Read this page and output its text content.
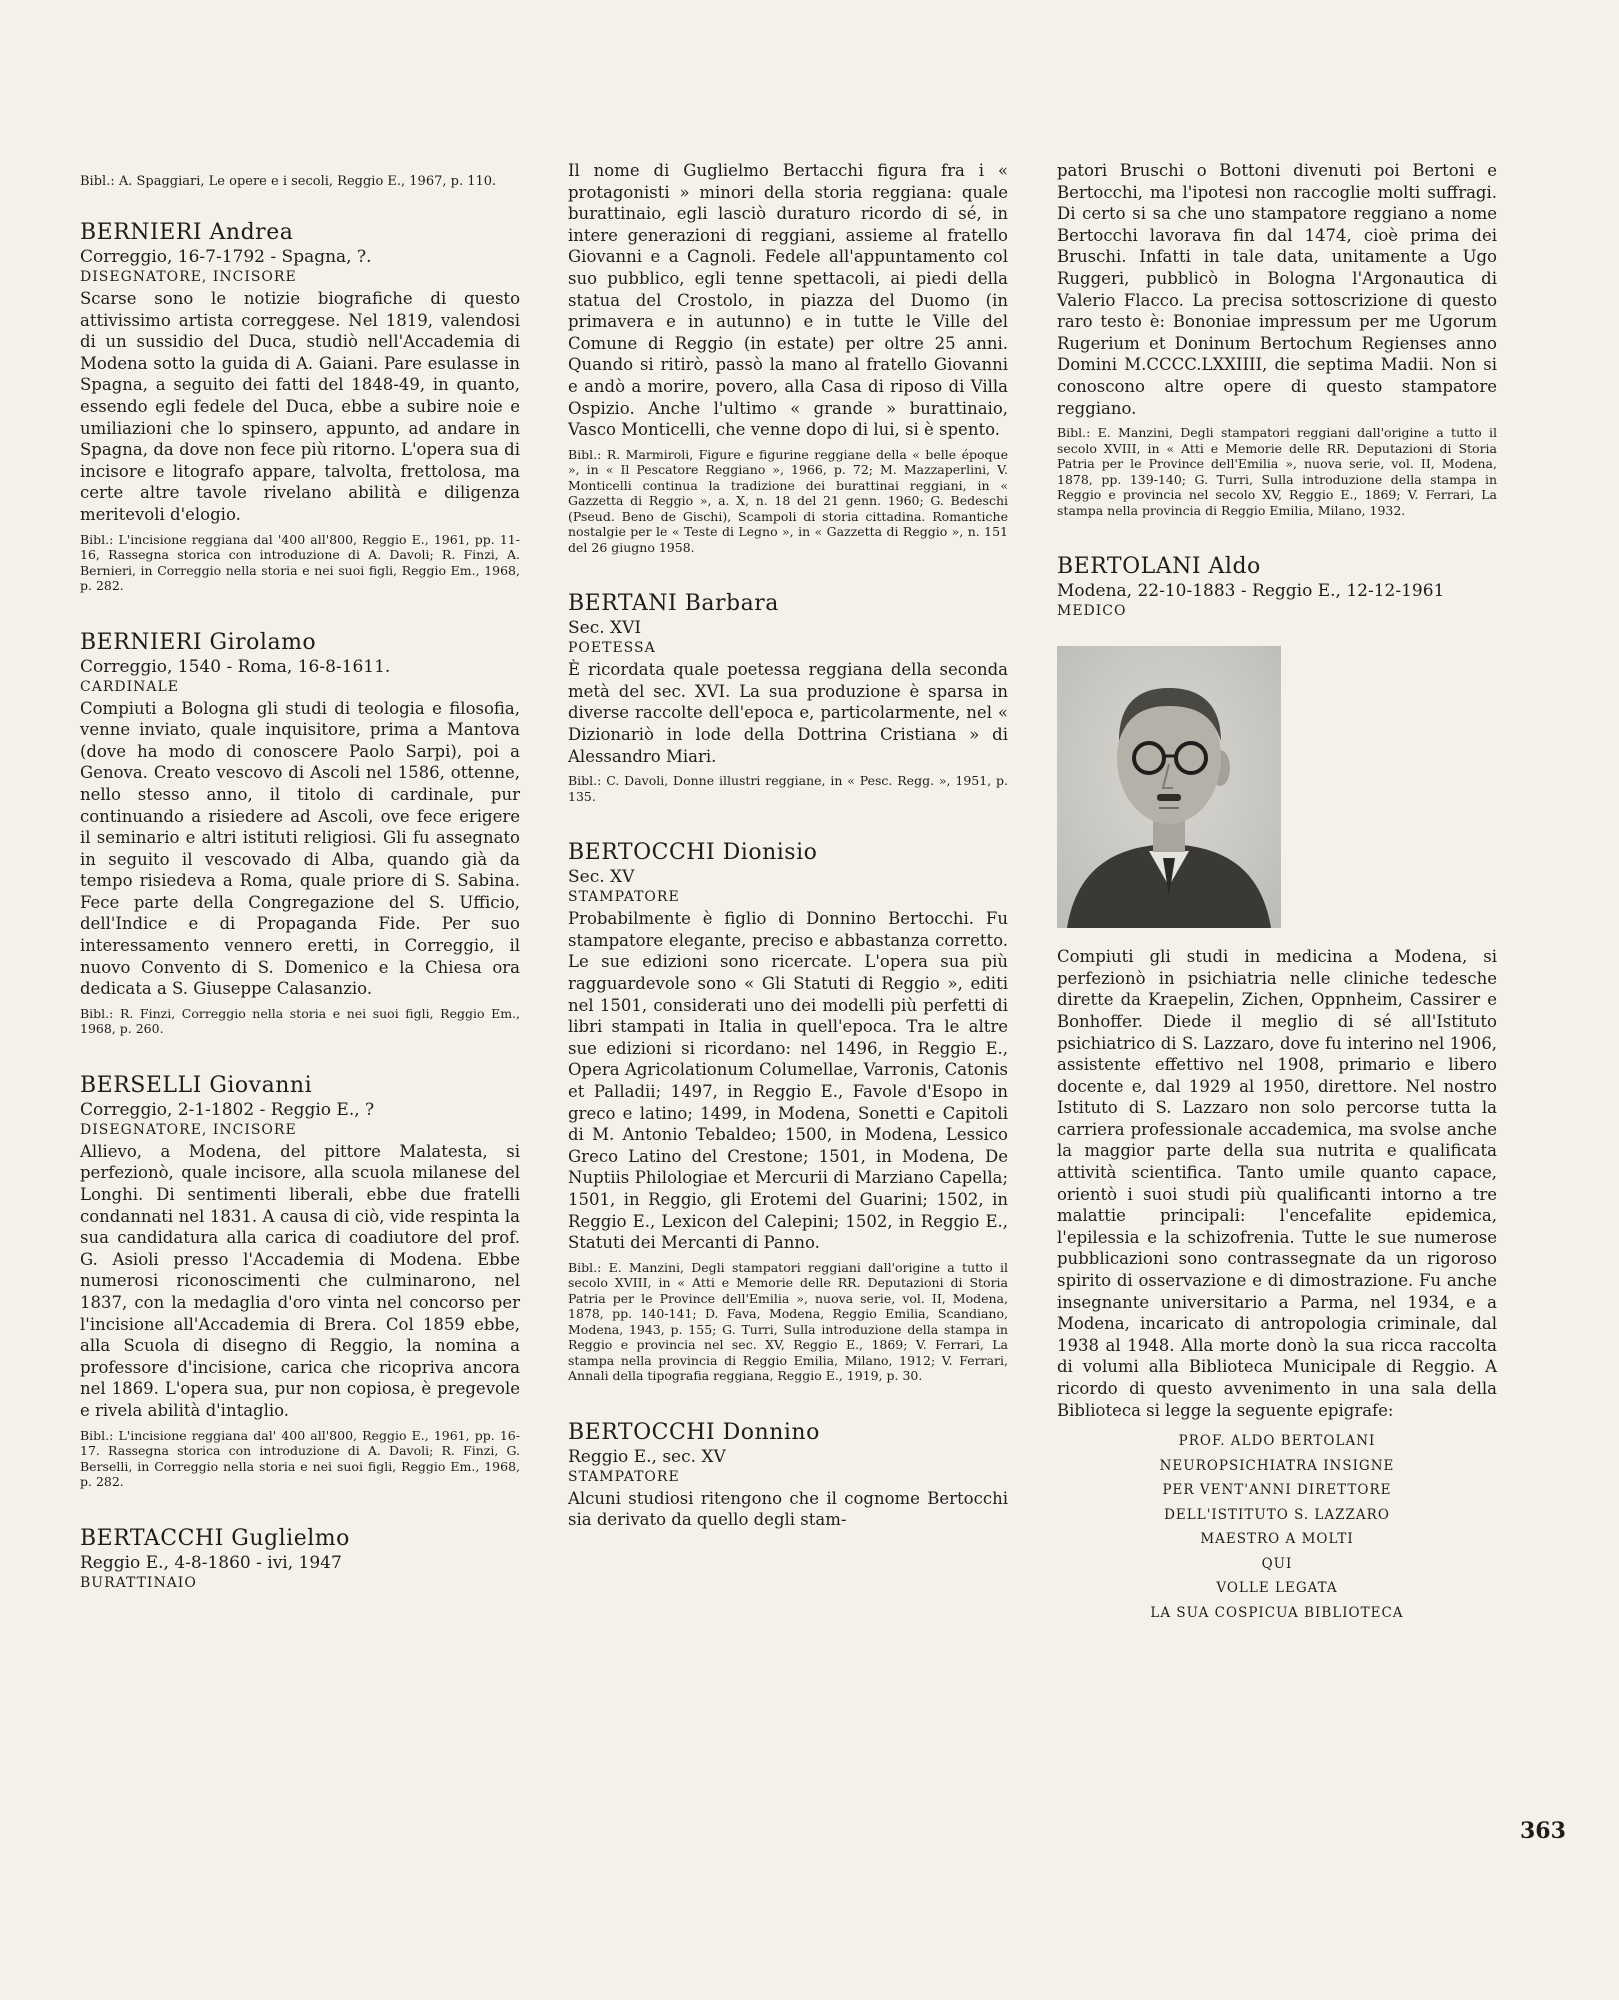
Bibl.: A. Spaggiari, Le opere e i secoli, Reggio E., 1967, p. 110.

BERNIERI Andrea
Correggio, 16-7-1792 - Spagna, ?.
DISEGNATORE, INCISORE

Scarse sono le notizie biografiche di questo attivissimo artista correggese. Nel 1819, valendosi di un sussidio del Duca, studiò nell'Accademia di Modena sotto la guida di A. Gaiani. Pare esulasse in Spagna, a seguito dei fatti del 1848-49, in quanto, essendo egli fedele del Duca, ebbe a subire noie e umiliazioni che lo spinsero, appunto, ad andare in Spagna, da dove non fece più ritorno. L'opera sua di incisore e litografo appare, talvolta, frettolosa, ma certe altre tavole rivelano abilità e diligenza meritevoli d'elogio.

Bibl.: L'incisione reggiana dal '400 all'800, Reggio E., 1961, pp. 11-16, Rassegna storica con introduzione di A. Davoli; R. Finzi, A. Bernieri, in Correggio nella storia e nei suoi figli, Reggio Em., 1968, p. 282.

BERNIERI Girolamo
Correggio, 1540 - Roma, 16-8-1611.
CARDINALE

Compiuti a Bologna gli studi di teologia e filosofia, venne inviato, quale inquisitore, prima a Mantova (dove ha modo di conoscere Paolo Sarpi), poi a Genova. Creato vescovo di Ascoli nel 1586, ottenne, nello stesso anno, il titolo di cardinale, pur continuando a risiedere ad Ascoli, ove fece erigere il seminario e altri istituti religiosi. Gli fu assegnato in seguito il vescovado di Alba, quando già da tempo risiedeva a Roma, quale priore di S. Sabina. Fece parte della Congregazione del S. Ufficio, dell'Indice e di Propaganda Fide. Per suo interessamento vennero eretti, in Correggio, il nuovo Convento di S. Domenico e la Chiesa ora dedicata a S. Giuseppe Calasanzio.

Bibl.: R. Finzi, Correggio nella storia e nei suoi figli, Reggio Em., 1968, p. 260.

BERSELLI Giovanni
Correggio, 2-1-1802 - Reggio E., ?
DISEGNATORE, INCISORE

Allievo, a Modena, del pittore Malatesta, si perfezionò, quale incisore, alla scuola milanese del Longhi. Di sentimenti liberali, ebbe due fratelli condannati nel 1831. A causa di ciò, vide respinta la sua candidatura alla carica di coadiutore del prof. G. Asioli presso l'Accademia di Modena. Ebbe numerosi riconoscimenti che culminarono, nel 1837, con la medaglia d'oro vinta nel concorso per l'incisione all'Accademia di Brera. Col 1859 ebbe, alla Scuola di disegno di Reggio, la nomina a professore d'incisione, carica che ricopriva ancora nel 1869. L'opera sua, pur non copiosa, è pregevole e rivela abilità d'intaglio.

Bibl.: L'incisione reggiana dal' 400 all'800, Reggio E., 1961, pp. 16-17. Rassegna storica con introduzione di A. Davoli; R. Finzi, G. Berselli, in Correggio nella storia e nei suoi figli, Reggio Em., 1968, p. 282.

BERTACCHI Guglielmo
Reggio E., 4-8-1860 - ivi, 1947
BURATTINAIO

Il nome di Guglielmo Bertacchi figura fra i « protagonisti » minori della storia reggiana: quale burattinaio, egli lasciò duraturo ricordo di sé, in intere generazioni di reggiani, assieme al fratello Giovanni e a Cagnoli. Fedele all'appuntamento col suo pubblico, egli tenne spettacoli, ai piedi della statua del Crostolo, in piazza del Duomo (in primavera e in autunno) e in tutte le Ville del Comune di Reggio (in estate) per oltre 25 anni. Quando si ritirò, passò la mano al fratello Giovanni e andò a morire, povero, alla Casa di riposo di Villa Ospizio. Anche l'ultimo « grande » burattinaio, Vasco Monticelli, che venne dopo di lui, si è spento.

Bibl.: R. Marmiroli, Figure e figurine reggiane della « belle époque », in « Il Pescatore Reggiano », 1966, p. 72; M. Mazzaperlini, V. Monticelli continua la tradizione dei burattinai reggiani, in « Gazzetta di Reggio », a. X, n. 18 del 21 genn. 1960; G. Bedeschi (Pseud. Beno de Gischi), Scampoli di storia cittadina. Romantiche nostalgie per le « Teste di Legno », in « Gazzetta di Reggio », n. 151 del 26 giugno 1958.

BERTANI Barbara
Sec. XVI
POETESSA

È ricordata quale poetessa reggiana della seconda metà del sec. XVI. La sua produzione è sparsa in diverse raccolte dell'epoca e, particolarmente, nel « Dizionariò in lode della Dottrina Cristiana » di Alessandro Miari.

Bibl.: C. Davoli, Donne illustri reggiane, in « Pesc. Regg. », 1951, p. 135.

BERTOCCHI Dionisio
Sec. XV
STAMPATORE

Probabilmente è figlio di Donnino Bertocchi. Fu stampatore elegante, preciso e abbastanza corretto. Le sue edizioni sono ricercate. L'opera sua più ragguardevole sono « Gli Statuti di Reggio », editi nel 1501, considerati uno dei modelli più perfetti di libri stampati in Italia in quell'epoca. Tra le altre sue edizioni si ricordano: nel 1496, in Reggio E., Opera Agricolationum Columellae, Varronis, Catonis et Palladii; 1497, in Reggio E., Favole d'Esopo in greco e latino; 1499, in Modena, Sonetti e Capitoli di M. Antonio Tebaldeo; 1500, in Modena, Lessico Greco Latino del Crestone; 1501, in Modena, De Nuptiis Philologiae et Mercurii di Marziano Capella; 1501, in Reggio, gli Erotemi del Guarini; 1502, in Reggio E., Lexicon del Calepini; 1502, in Reggio E., Statuti dei Mercanti di Panno.

Bibl.: E. Manzini, Degli stampatori reggiani dall'origine a tutto il secolo XVIII, in « Atti e Memorie delle RR. Deputazioni di Storia Patria per le Province dell'Emilia », nuova serie, vol. II, Modena, 1878, pp. 140-141; D. Fava, Modena, Reggio Emilia, Scandiano, Modena, 1943, p. 155; G. Turri, Sulla introduzione della stampa in Reggio e provincia nel sec. XV, Reggio E., 1869; V. Ferrari, La stampa nella provincia di Reggio Emilia, Milano, 1912; V. Ferrari, Annali della tipografia reggiana, Reggio E., 1919, p. 30.

BERTOCCHI Donnino
Reggio E., sec. XV
STAMPATORE

Alcuni studiosi ritengono che il cognome Bertocchi sia derivato da quello degli stam-

patori Bruschi o Bottoni divenuti poi Bertoni e Bertocchi, ma l'ipotesi non raccoglie molti suffragi. Di certo si sa che uno stampatore reggiano a nome Bertocchi lavorava fin dal 1474, cioè prima dei Bruschi. Infatti in tale data, unitamente a Ugo Ruggeri, pubblicò in Bologna l'Argonautica di Valerio Flacco. La precisa sottoscrizione di questo raro testo è: Bononiae impressum per me Ugorum Rugerium et Doninum Bertochum Regienses anno Domini M.CCCC.LXXIIII, die septima Madii. Non si conoscono altre opere di questo stampatore reggiano.

Bibl.: E. Manzini, Degli stampatori reggiani dall'origine a tutto il secolo XVIII, in « Atti e Memorie delle RR. Deputazioni di Storia Patria per le Province dell'Emilia », nuova serie, vol. II, Modena, 1878, pp. 139-140; G. Turri, Sulla introduzione della stampa in Reggio e provincia nel secolo XV, Reggio E., 1869; V. Ferrari, La stampa nella provincia di Reggio Emilia, Milano, 1932.

BERTOLANI Aldo
Modena, 22-10-1883 - Reggio E., 12-12-1961
MEDICO

Compiuti gli studi in medicina a Modena, si perfezionò in psichiatria nelle cliniche tedesche dirette da Kraepelin, Zichen, Oppnheim, Cassirer e Bonhoffer. Diede il meglio di sé all'Istituto psichiatrico di S. Lazzaro, dove fu interino nel 1906, assistente effettivo nel 1908, primario e libero docente e, dal 1929 al 1950, direttore. Nel nostro Istituto di S. Lazzaro non solo percorse tutta la carriera professionale accademica, ma svolse anche la maggior parte della sua nutrita e qualificata attività scientifica. Tanto umile quanto capace, orientò i suoi studi più qualificanti intorno a tre malattie principali: l'encefalite epidemica, l'epilessia e la schizofrenia. Tutte le sue numerose pubblicazioni sono contrassegnate da un rigoroso spirito di osservazione e di dimostrazione. Fu anche insegnante universitario a Parma, nel 1934, e a Modena, incaricato di antropologia criminale, dal 1938 al 1948. Alla morte donò la sua ricca raccolta di volumi alla Biblioteca Municipale di Reggio. A ricordo di questo avvenimento in una sala della Biblioteca si legge la seguente epigrafe:

PROF. ALDO BERTOLANI
NEUROPSICHIATRA INSIGNE
PER VENT'ANNI DIRETTORE
DELL'ISTITUTO S. LAZZARO
MAESTRO A MOLTI
QUI
VOLLE LEGATA
LA SUA COSPICUA BIBLIOTECA
363
